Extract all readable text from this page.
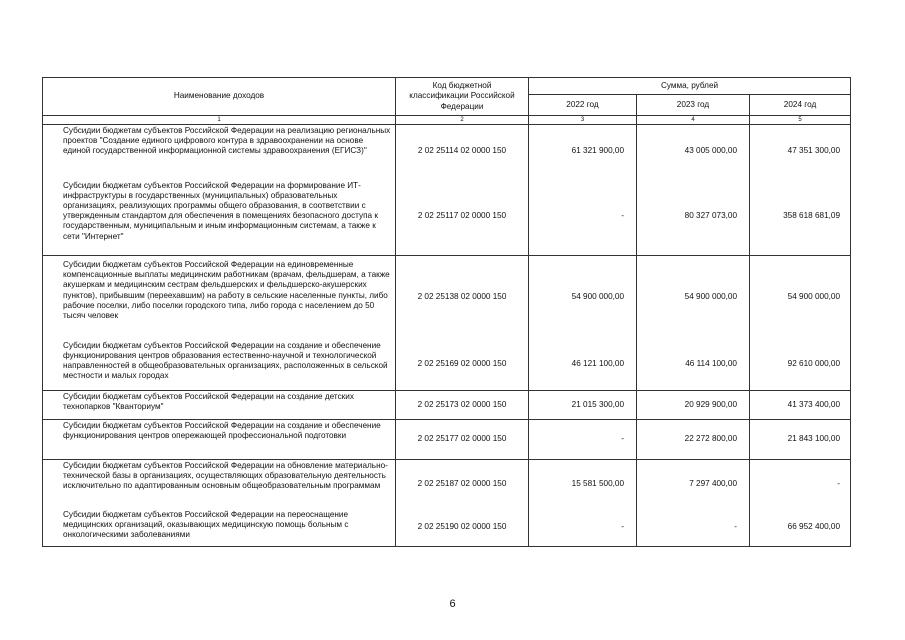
Наименование доходов	Код бюджетной классификации Российской Федерации	Сумма, рублей		
		2022 год	2023 год	2024 год
1	2	3	4	5
Субсидии бюджетам субъектов Российской Федерации на реализацию региональных проектов "Создание единого цифрового контура в здравоохранении на основе единой государственной информационной системы здравоохранения (ЕГИСЗ)"	2 02 25114 02 0000 150	61 321 900,00	43 005 000,00	47 351 300,00
Субсидии бюджетам субъектов Российской Федерации на формирование ИТ-инфраструктуры в государственных (муниципальных) образовательных организациях, реализующих программы общего образования, в соответствии с утвержденным стандартом для обеспечения в помещениях безопасного доступа к государственным, муниципальным и иным информационным системам, а также к сети "Интернет"	2 02 25117 02 0000 150	-	80 327 073,00	358 618 681,09
Субсидии бюджетам субъектов Российской Федерации на единовременные компенсационные выплаты медицинским работникам (врачам, фельдшерам, а также акушеркам и медицинским сестрам фельдшерских и фельдшерско-акушерских пунктов), прибывшим (переехавшим) на работу в сельские населенные пункты, либо рабочие поселки, либо поселки городского типа, либо города с населением до 50 тысяч человек	2 02 25138 02 0000 150	54 900 000,00	54 900 000,00	54 900 000,00
Субсидии бюджетам субъектов Российской Федерации на создание и обеспечение функционирования центров образования естественно-научной и технологической направленностей в общеобразовательных организациях, расположенных в сельской местности и малых городах	2 02 25169 02 0000 150	46 121 100,00	46 114 100,00	92 610 000,00
Субсидии бюджетам субъектов Российской Федерации на создание детских технопарков "Кванториум"	2 02 25173 02 0000 150	21 015 300,00	20 929 900,00	41 373 400,00
Субсидии бюджетам субъектов Российской Федерации на создание и обеспечение функционирования центров опережающей профессиональной подготовки	2 02 25177 02 0000 150	-	22 272 800,00	21 843 100,00
Субсидии бюджетам субъектов Российской Федерации на обновление материально-технической базы в организациях, осуществляющих образовательную деятельность исключительно по адаптированным основным общеобразовательным программам	2 02 25187 02 0000 150	15 581 500,00	7 297 400,00	-
Субсидии бюджетам субъектов Российской Федерации на переоснащение медицинских организаций, оказывающих медицинскую помощь больным с онкологическими заболеваниями	2 02 25190 02 0000 150	-	-	66 952 400,00
6
